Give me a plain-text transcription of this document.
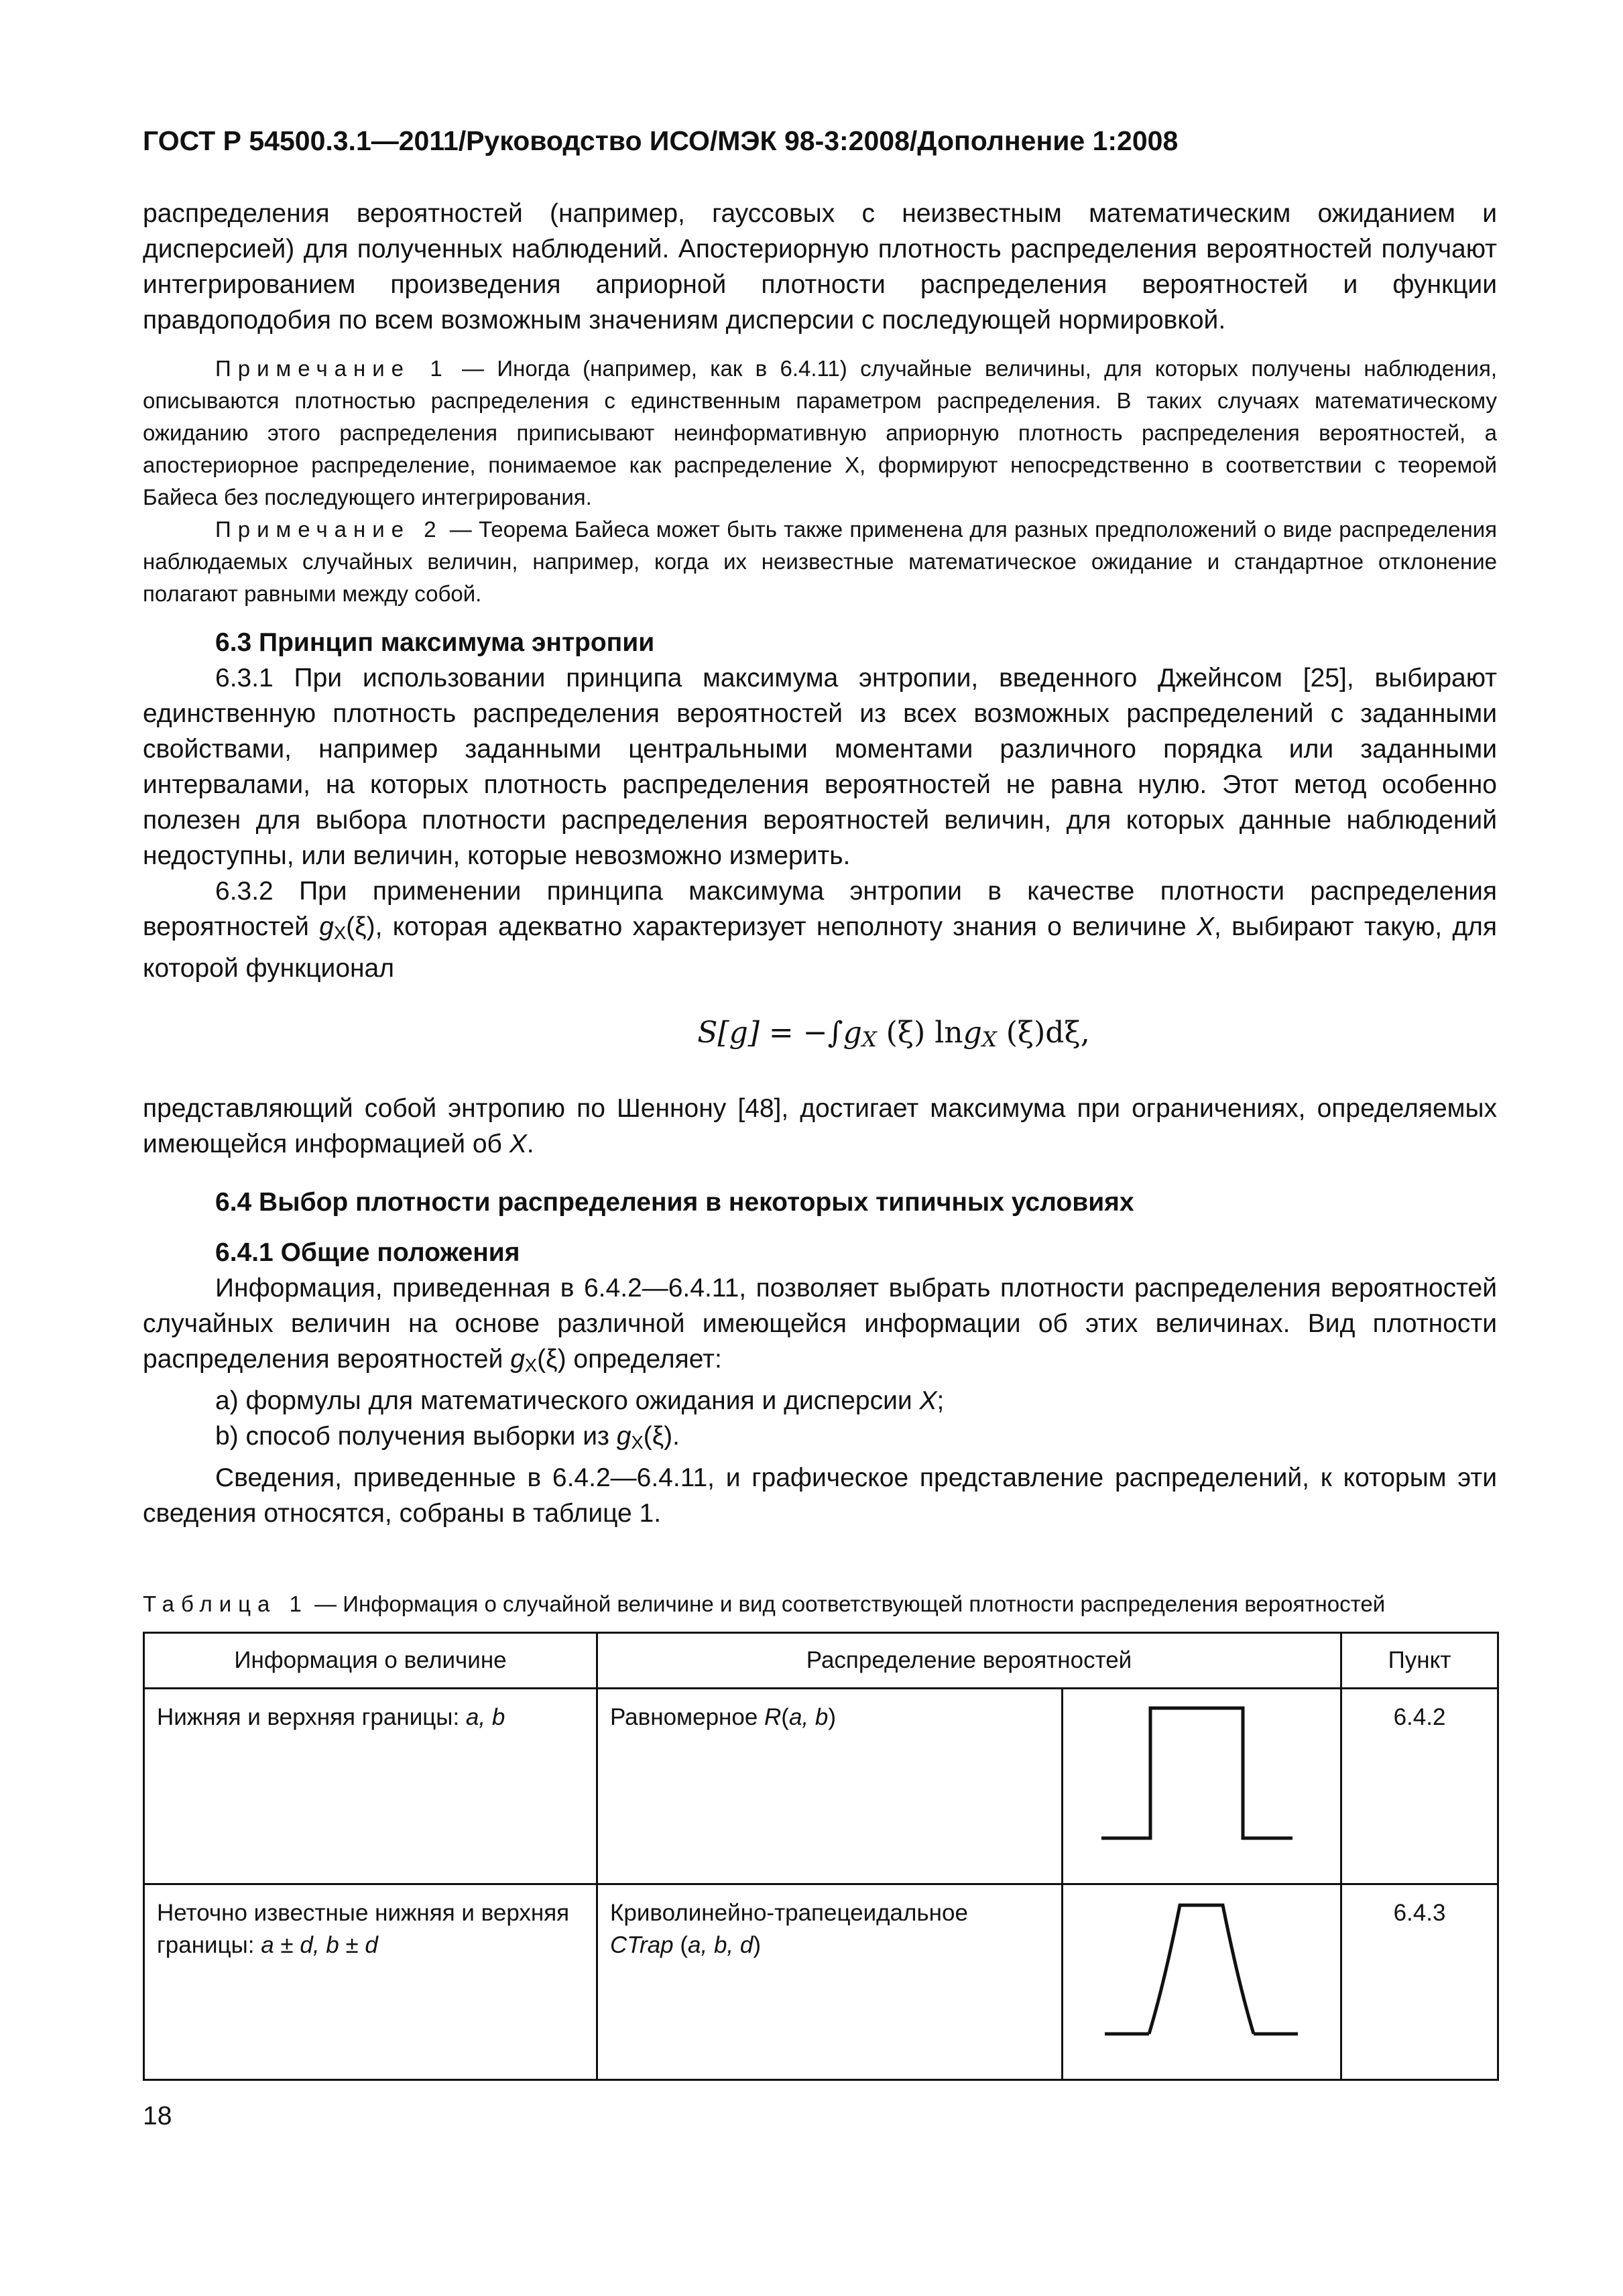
ГОСТ Р 54500.3.1—2011/Руководство ИСО/МЭК 98-3:2008/Дополнение 1:2008

распределения вероятностей (например, гауссовых с неизвестным математическим ожиданием и дисперсией) для полученных наблюдений. Апостериорную плотность распределения вероятностей получают интегрированием произведения априорной плотности распределения вероятностей и функции правдоподобия по всем возможным значениям дисперсии с последующей нормировкой.

Примечание 1 — Иногда (например, как в 6.4.11) случайные величины, для которых получены наблюдения, описываются плотностью распределения с единственным параметром распределения. В таких случаях математическому ожиданию этого распределения приписывают неинформативную априорную плотность распределения вероятностей, а апостериорное распределение, понимаемое как распределение X, формируют непосредственно в соответствии с теоремой Байеса без последующего интегрирования.

Примечание 2 — Теорема Байеса может быть также применена для разных предположений о виде распределения наблюдаемых случайных величин, например, когда их неизвестные математическое ожидание и стандартное отклонение полагают равными между собой.

6.3 Принцип максимума энтропии

6.3.1 При использовании принципа максимума энтропии, введенного Джейнсом [25], выбирают единственную плотность распределения вероятностей из всех возможных распределений с заданными свойствами, например заданными центральными моментами различного порядка или заданными интервалами, на которых плотность распределения вероятностей не равна нулю. Этот метод особенно полезен для выбора плотности распределения вероятностей величин, для которых данные наблюдений недоступны, или величин, которые невозможно измерить.

6.3.2 При применении принципа максимума энтропии в качестве плотности распределения вероятностей $g_X(\xi)$, которая адекватно характеризует неполноту знания о величине X, выбирают такую, для которой функционал

$S[g] = -\int g_X$ (ξ) lng$_X$ (ξ)dξ,

представляющий собой энтропию по Шеннону [48], достигает максимума при ограничениях, определяемых имеющейся информацией об X.

6.4 Выбор плотности распределения в некоторых типичных условиях

6.4.1 Общие положения

Информация, приведенная в 6.4.2—6.4.11, позволяет выбрать плотности распределения вероятностей случайных величин на основе различной имеющейся информации об этих величинах. Вид плотности распределения вероятностей $g_X(\xi)$ определяет:

a) формулы для математического ожидания и дисперсии X;

b) способ получения выборки из $g_X(\xi)$.

Сведения, приведенные в 6.4.2—6.4.11, и графическое представление распределений, к которым эти сведения относятся, собраны в таблице 1.

Таблица 1 — Информация о случайной величине и вид соответствующей плотности распределения вероятностей

Информация о величине	Распределение вероятностей		Пункт
Нижняя и верхняя границы: a, b	Равномерное R(a, b)		6.4.2
Неточно известные нижняя и верхняя границы: a ± d, b ± d	Криволинейно-трапецеидальное
CTrap (a, b, d)		6.4.3
18
